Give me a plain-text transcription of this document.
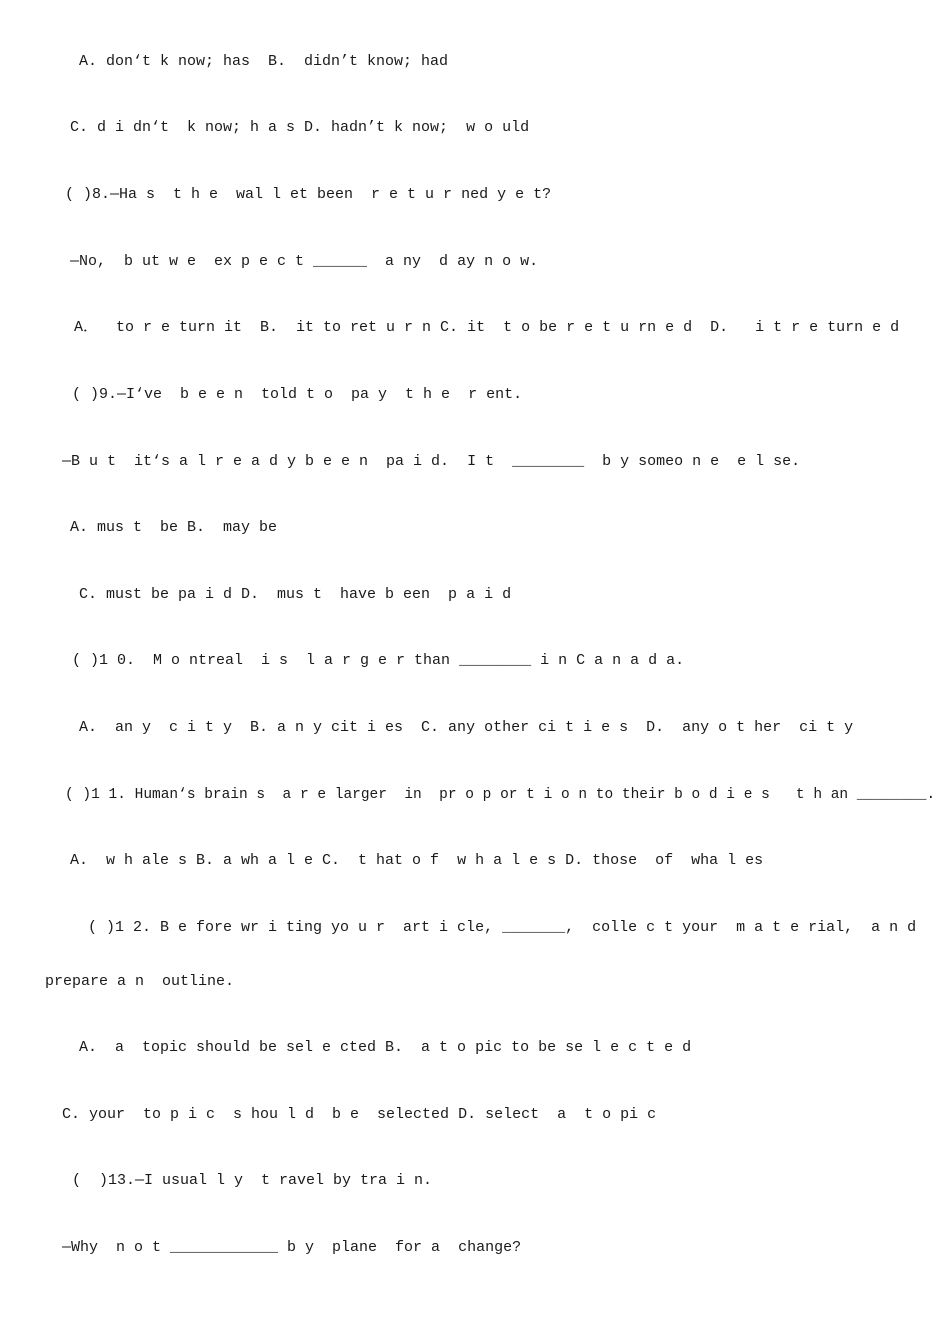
A. don‘t k now; has  B.  didn’t know; had

C. d i dn‘t  k now; h a s D. hadn’t k now;  w o uld

( )8.—Ha s  t h e  wal l et been  r e t u r ned y e t?

—No,  b ut w e  ex p e c t ______  a ny  d ay n o w.

A．  to r e turn it  B.  it to ret u r n C. it  t o be r e t u rn e d  D.   i t r e turn e d

( )9.—I‘ve  b e e n  told t o  pa y  t h e  r ent.

—B u t  it‘s a l r e a d y b e e n  pa i d.  I t  ________  b y someo n e  e l se.

A. mus t  be B.  may be

C. must be pa i d D.  mus t  have b een  p a i d

( )1 0.  M o ntreal  i s  l a r g e r than ________ i n C a n a d a.

A.  an y  c i t y  B. a n y cit i es  C. any other ci t i e s  D.  any o t her  ci t y

( )1 1. Human‘s brain s  a r e larger  in  pr o p or t i o n to their b o d i e s   t h an ________.

A.  w h ale s B. a wh a l e C.  t hat o f  w h a l e s D. those  of  wha l es

( )1 2. B e fore wr i ting yo u r  art i cle, _______,  colle c t your  m a t e rial,  a n d

prepare a n  outline.

A.  a  topic should be sel e cted B.  a t o pic to be se l e c t e d

C. your  to p i c  s hou l d  b e  selected D. select  a  t o pi c

(  )13.—I usual l y  t ravel by tra i n.

—Why  n o t ____________ b y  plane  for a  change?
